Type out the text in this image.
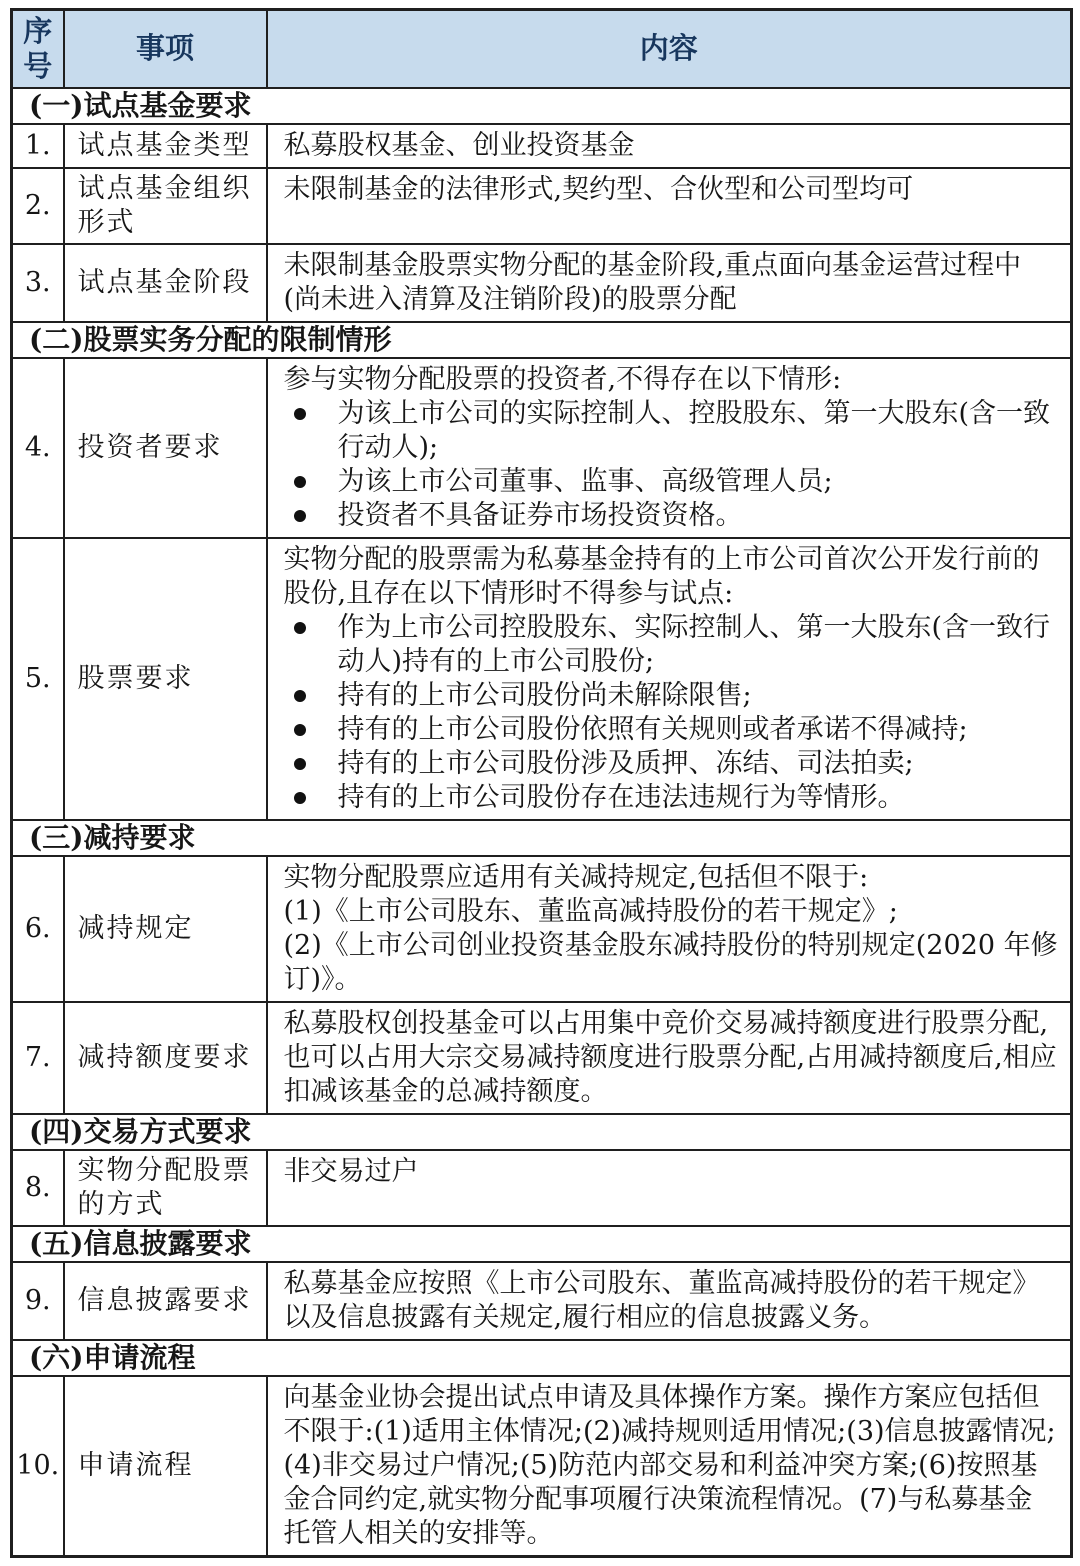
序号	事项	内容
(一)试点基金要求		
1.	试点基金类型	私募股权基金、创业投资基金

2.	试点基金组织形式	未限制基金的法律形式,契约型、合伙型和公司型均可

3.	试点基金阶段	未限制基金股票实物分配的基金阶段,重点面向基金运营过程中(尚未进入清算及注销阶段)的股票分配

(二)股票实务分配的限制情形		
4.	投资者要求	参与实物分配股票的投资者,不得存在以下情形:
为该上市公司的实际控制人、控股股东、第一大股东(含一致行动人);
为该上市公司董事、监事、高级管理人员;
投资者不具备证券市场投资资格。

5.	股票要求	
实物分配的股票需为私募基金持有的上市公司首次公开发行前的股份,且存在以下情形时不得参与试点:
作为上市公司控股股东、实际控制人、第一大股东(含一致行动人)持有的上市公司股份;
持有的上市公司股份尚未解除限售;
持有的上市公司股份依照有关规则或者承诺不得减持;
持有的上市公司股份涉及质押、冻结、司法拍卖;
持有的上市公司股份存在违法违规行为等情形。

(三)减持要求		
6.	减持规定	实物分配股票应适用有关减持规定,包括但不限于:
(1)《上市公司股东、董监高减持股份的若干规定》;
(2)《上市公司创业投资基金股东减持股份的特别规定(2020 年修订)》。

7.	减持额度要求	私募股权创投基金可以占用集中竞价交易减持额度进行股票分配,也可以占用大宗交易减持额度进行股票分配,占用减持额度后,相应扣减该基金的总减持额度。

(四)交易方式要求		
8.	实物分配股票的方式	非交易过户

(五)信息披露要求		
9.	信息披露要求	私募基金应按照《上市公司股东、董监高减持股份的若干规定》以及信息披露有关规定,履行相应的信息披露义务。

(六)申请流程		
10.	申请流程	向基金业协会提出试点申请及具体操作方案。操作方案应包括但不限于:(1)适用主体情况;(2)减持规则适用情况;(3)信息披露情况;(4)非交易过户情况;(5)防范内部交易和利益冲突方案;(6)按照基金合同约定,就实物分配事项履行决策流程情况。(7)与私募基金托管人相关的安排等。
